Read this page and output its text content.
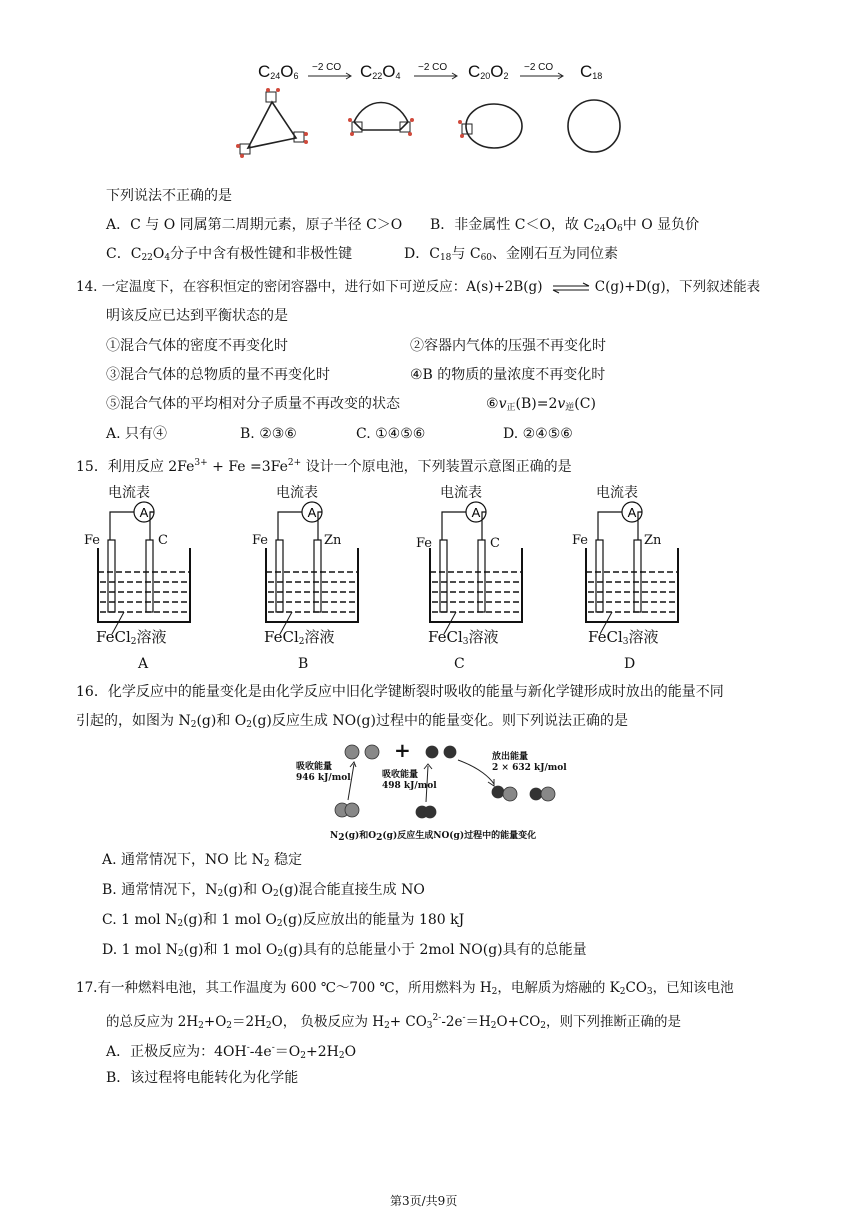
$C_{24}O_6$	$C_{22}O_4$	$C_{20}O_2$	$C_{18}$
−2 CO	−2 CO	−2 CO
下列说法不正确的是
A．C 与 O 同属第二周期元素，原子半径 C＞O B．非金属性 C＜O，故 $C_{24}O_6$中 O 显负价
C．$C_{22}O_4$分子中含有极性键和非极性键	D．$C_{18}$与 $C_{60}$、金刚石互为同位素
14. 一定温度下，在容积恒定的密闭容器中，进行如下可逆反应：A(s)+2B(g) ⇌ C(g)+D(g)，下列叙述能表
明该反应已达到平衡状态的是
①混合气体的密度不再变化时	②容器内气体的压强不再变化时
③混合气体的总物质的量不再变化时	④B 的物质的量浓度不再变化时
⑤混合气体的平均相对分子质量不再改变的状态	$⑥v_正(B)=2v_逆(C)$
A. 只有④	B. ②③⑥	C. ①④⑤⑥	D. ②④⑤⑥
15．利用反应 $2Fe^{3+} + Fe =3Fe^{2+}$ 设计一个原电池，下列装置示意图正确的是
电流表
A
Fe	C
FeCl$_2$溶液
A
电流表
A
Fe	Zn
FeCl$_2$溶液
B
电流表
A
Fe	C
FeCl$_3$溶液
C
电流表
A
Fe	Zn
FeCl$_3$溶液
D
16．化学反应中的能量变化是由化学反应中旧化学键断裂时吸收的能量与新化学键形成时放出的能量不同
引起的，如图为 $N_2(g)$和 $O_2(g)$反应生成 NO(g)过程中的能量变化。则下列说法正确的是
吸收能量
946 kJ/mol
+
吸收能量
498 kJ/mol
放出能量
2 × 632 kJ/mol
$N_2(g)$和$O_2(g)$反应生成NO(g)过程中的能量变化
A. 通常情况下，NO 比 $N_2$ 稳定
B. 通常情况下，$N_2(g)$和 $O_2(g)$混合能直接生成 NO
C. 1 mol $N_2(g)$和 1 mol $O_2(g)$反应放出的能量为 180 kJ
D. 1 mol $N_2(g)$和 1 mol $O_2(g)$具有的总能量小于 2mol NO(g)具有的总能量
17.有一种燃料电池，其工作温度为 600 ℃～700 ℃，所用燃料为 $H_2$，电解质为熔融的 $K_2CO_3$，已知该电池
的总反应为 $2H_2+O_2=2H_2O$， 负极反应为 $H_2+ CO_3^{2-}-2e^-=H_2O+CO_2$，则下列推断正确的是
A．正极反应为：$4OH^--4e^-=O_2+2H_2O$
B．该过程将电能转化为化学能
第3页/共9页
